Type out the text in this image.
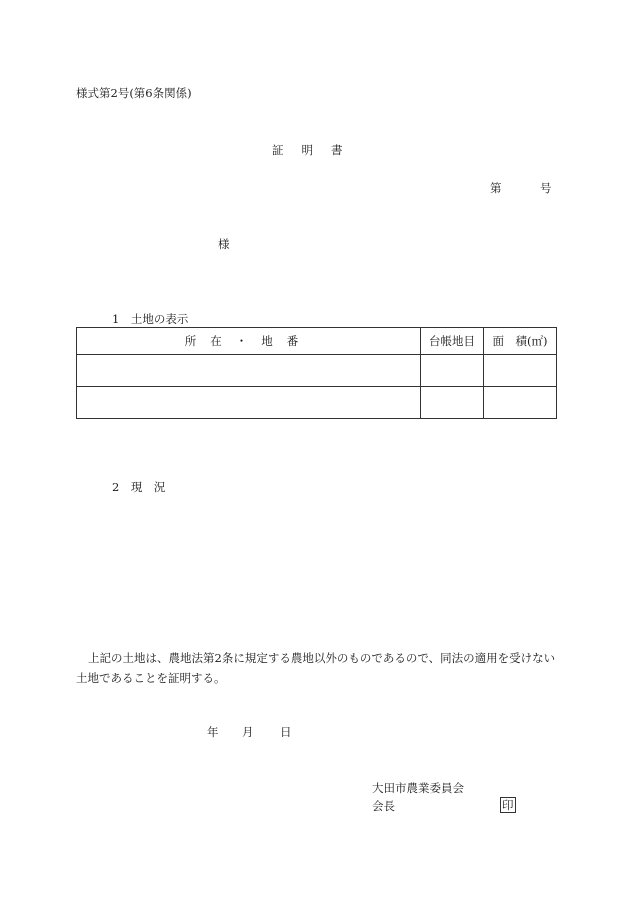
様式第2号(第6条関係)
証明書
第	号
様
1　土地の表示
所在・地番	台帳地目	面　積(㎡)

2　現　況
上記の土地は、農地法第2条に規定する農地以外のものであるので、同法の適用を受けない土地であることを証明する。
年 月 日
大田市農業委員会
会長	印
